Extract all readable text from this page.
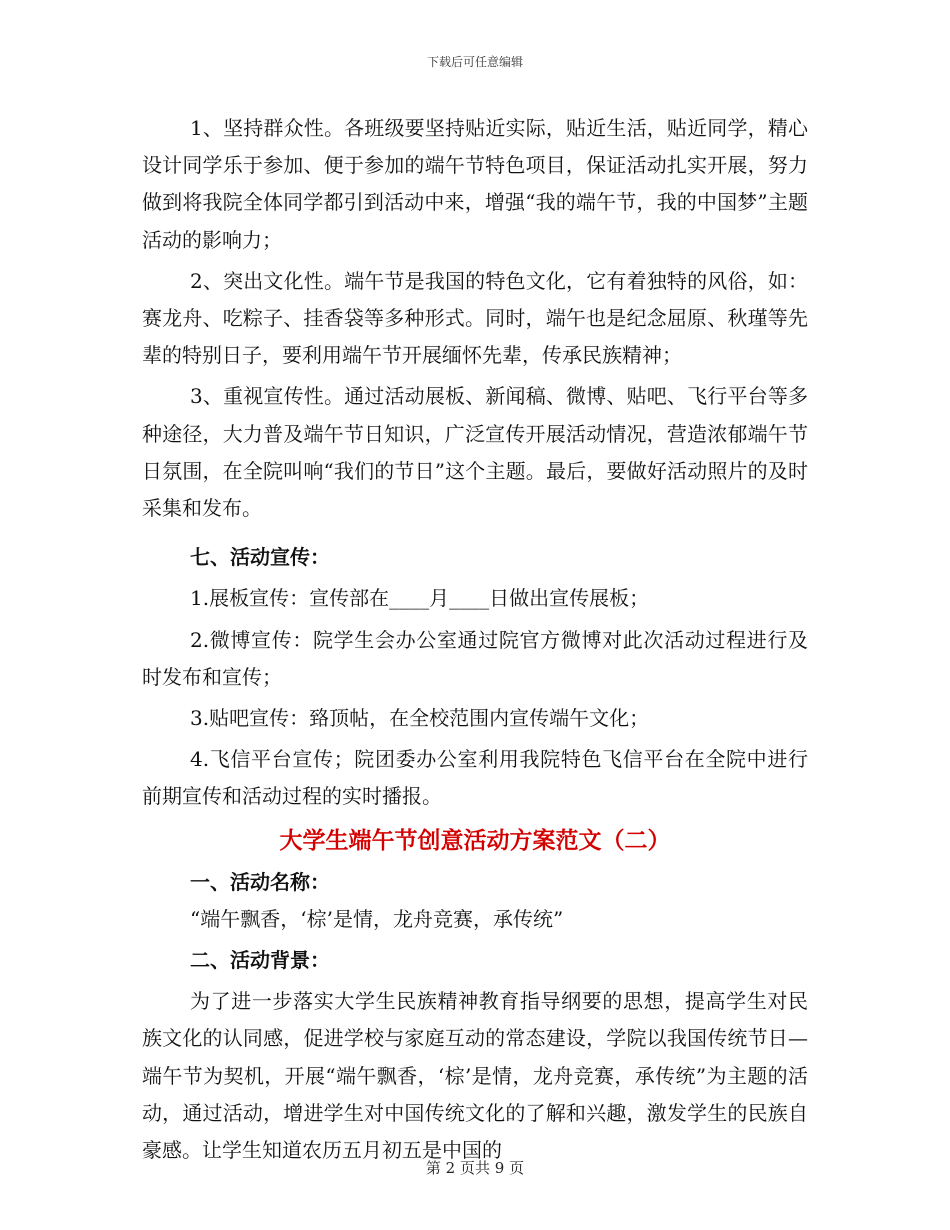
下载后可任意编辑

1、坚持群众性。各班级要坚持贴近实际，贴近生活，贴近同学，精心设计同学乐于参加、便于参加的端午节特色项目，保证活动扎实开展，努力做到将我院全体同学都引到活动中来，增强“我的端午节，我的中国梦”主题活动的影响力；

2、突出文化性。端午节是我国的特色文化，它有着独特的风俗，如：赛龙舟、吃粽子、挂香袋等多种形式。同时，端午也是纪念屈原、秋瑾等先辈的特别日子，要利用端午节开展缅怀先辈，传承民族精神；

3、重视宣传性。通过活动展板、新闻稿、微博、贴吧、飞行平台等多种途径，大力普及端午节日知识，广泛宣传开展活动情况，营造浓郁端午节日氛围，在全院叫响“我们的节日”这个主题。最后，要做好活动照片的及时采集和发布。

七、活动宣传：

1.展板宣传：宣传部在____月____日做出宣传展板；

2.微博宣传：院学生会办公室通过院官方微博对此次活动过程进行及时发布和宣传；

3.贴吧宣传：臵顶帖，在全校范围内宣传端午文化；

4.飞信平台宣传；院团委办公室利用我院特色飞信平台在全院中进行前期宣传和活动过程的实时播报。

大学生端午节创意活动方案范文（二）

一、活动名称：

“端午飘香，‘棕’是情，龙舟竞赛，承传统”

二、活动背景：

为了进一步落实大学生民族精神教育指导纲要的思想，提高学生对民族文化的认同感，促进学校与家庭互动的常态建设，学院以我国传统节日—端午节为契机，开展“端午飘香，‘棕’是情，龙舟竞赛，承传统”为主题的活动，通过活动，增进学生对中国传统文化的了解和兴趣，激发学生的民族自豪感。让学生知道农历五月初五是中国的

第 2 页共 9 页
